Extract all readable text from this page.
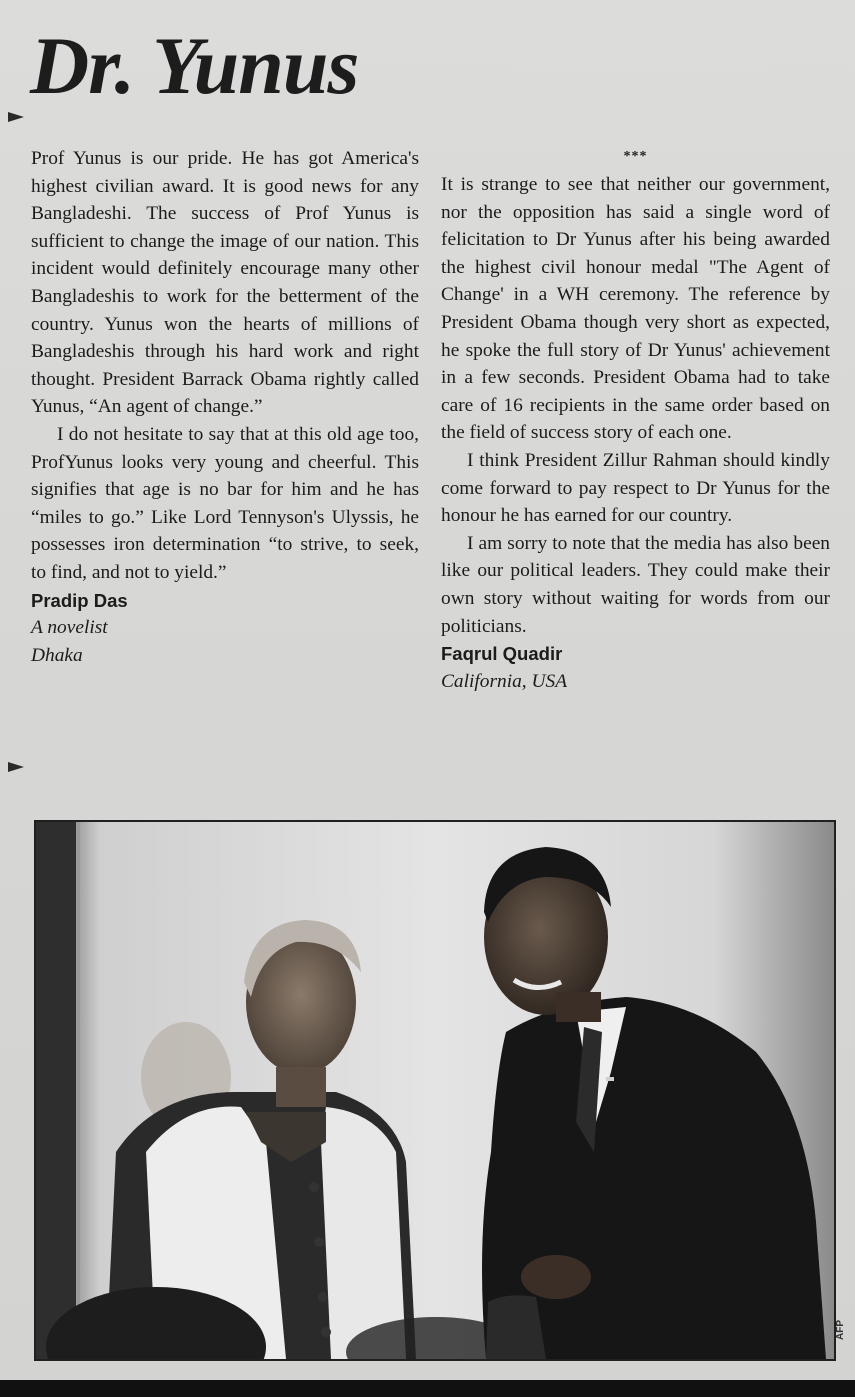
Dr. Yunus

Prof Yunus is our pride. He has got America's highest civilian award. It is good news for any Bangladeshi. The success of Prof Yunus is sufficient to change the image of our nation. This incident would definitely encourage many other Bangladeshis to work for the betterment of the country. Yunus won the hearts of millions of Bangladeshis through his hard work and right thought. President Barrack Obama rightly called Yunus, “An agent of change.”

I do not hesitate to say that at this old age too, ProfYunus looks very young and cheerful. This signifies that age is no bar for him and he has “miles to go.” Like Lord Tennyson's Ulyssis, he possesses iron determination “to strive, to seek, to find, and not to yield.”

Pradip Das
A novelist
Dhaka
***

It is strange to see that neither our government, nor the opposition has said a single word of felicitation to Dr Yunus after his being awarded the highest civil honour medal "The Agent of Change' in a WH ceremony. The reference by President Obama though very short as expected, he spoke the full story of Dr Yunus' achievement in a few seconds. President Obama had to take care of 16 recipients in the same order based on the field of success story of each one.

I think President Zillur Rahman should kindly come forward to pay respect to Dr Yunus for the honour he has earned for our country.

I am sorry to note that the media has also been like our political leaders. They could make their own story without waiting for words from our politicians.

Faqrul Quadir
California, USA
AFP
